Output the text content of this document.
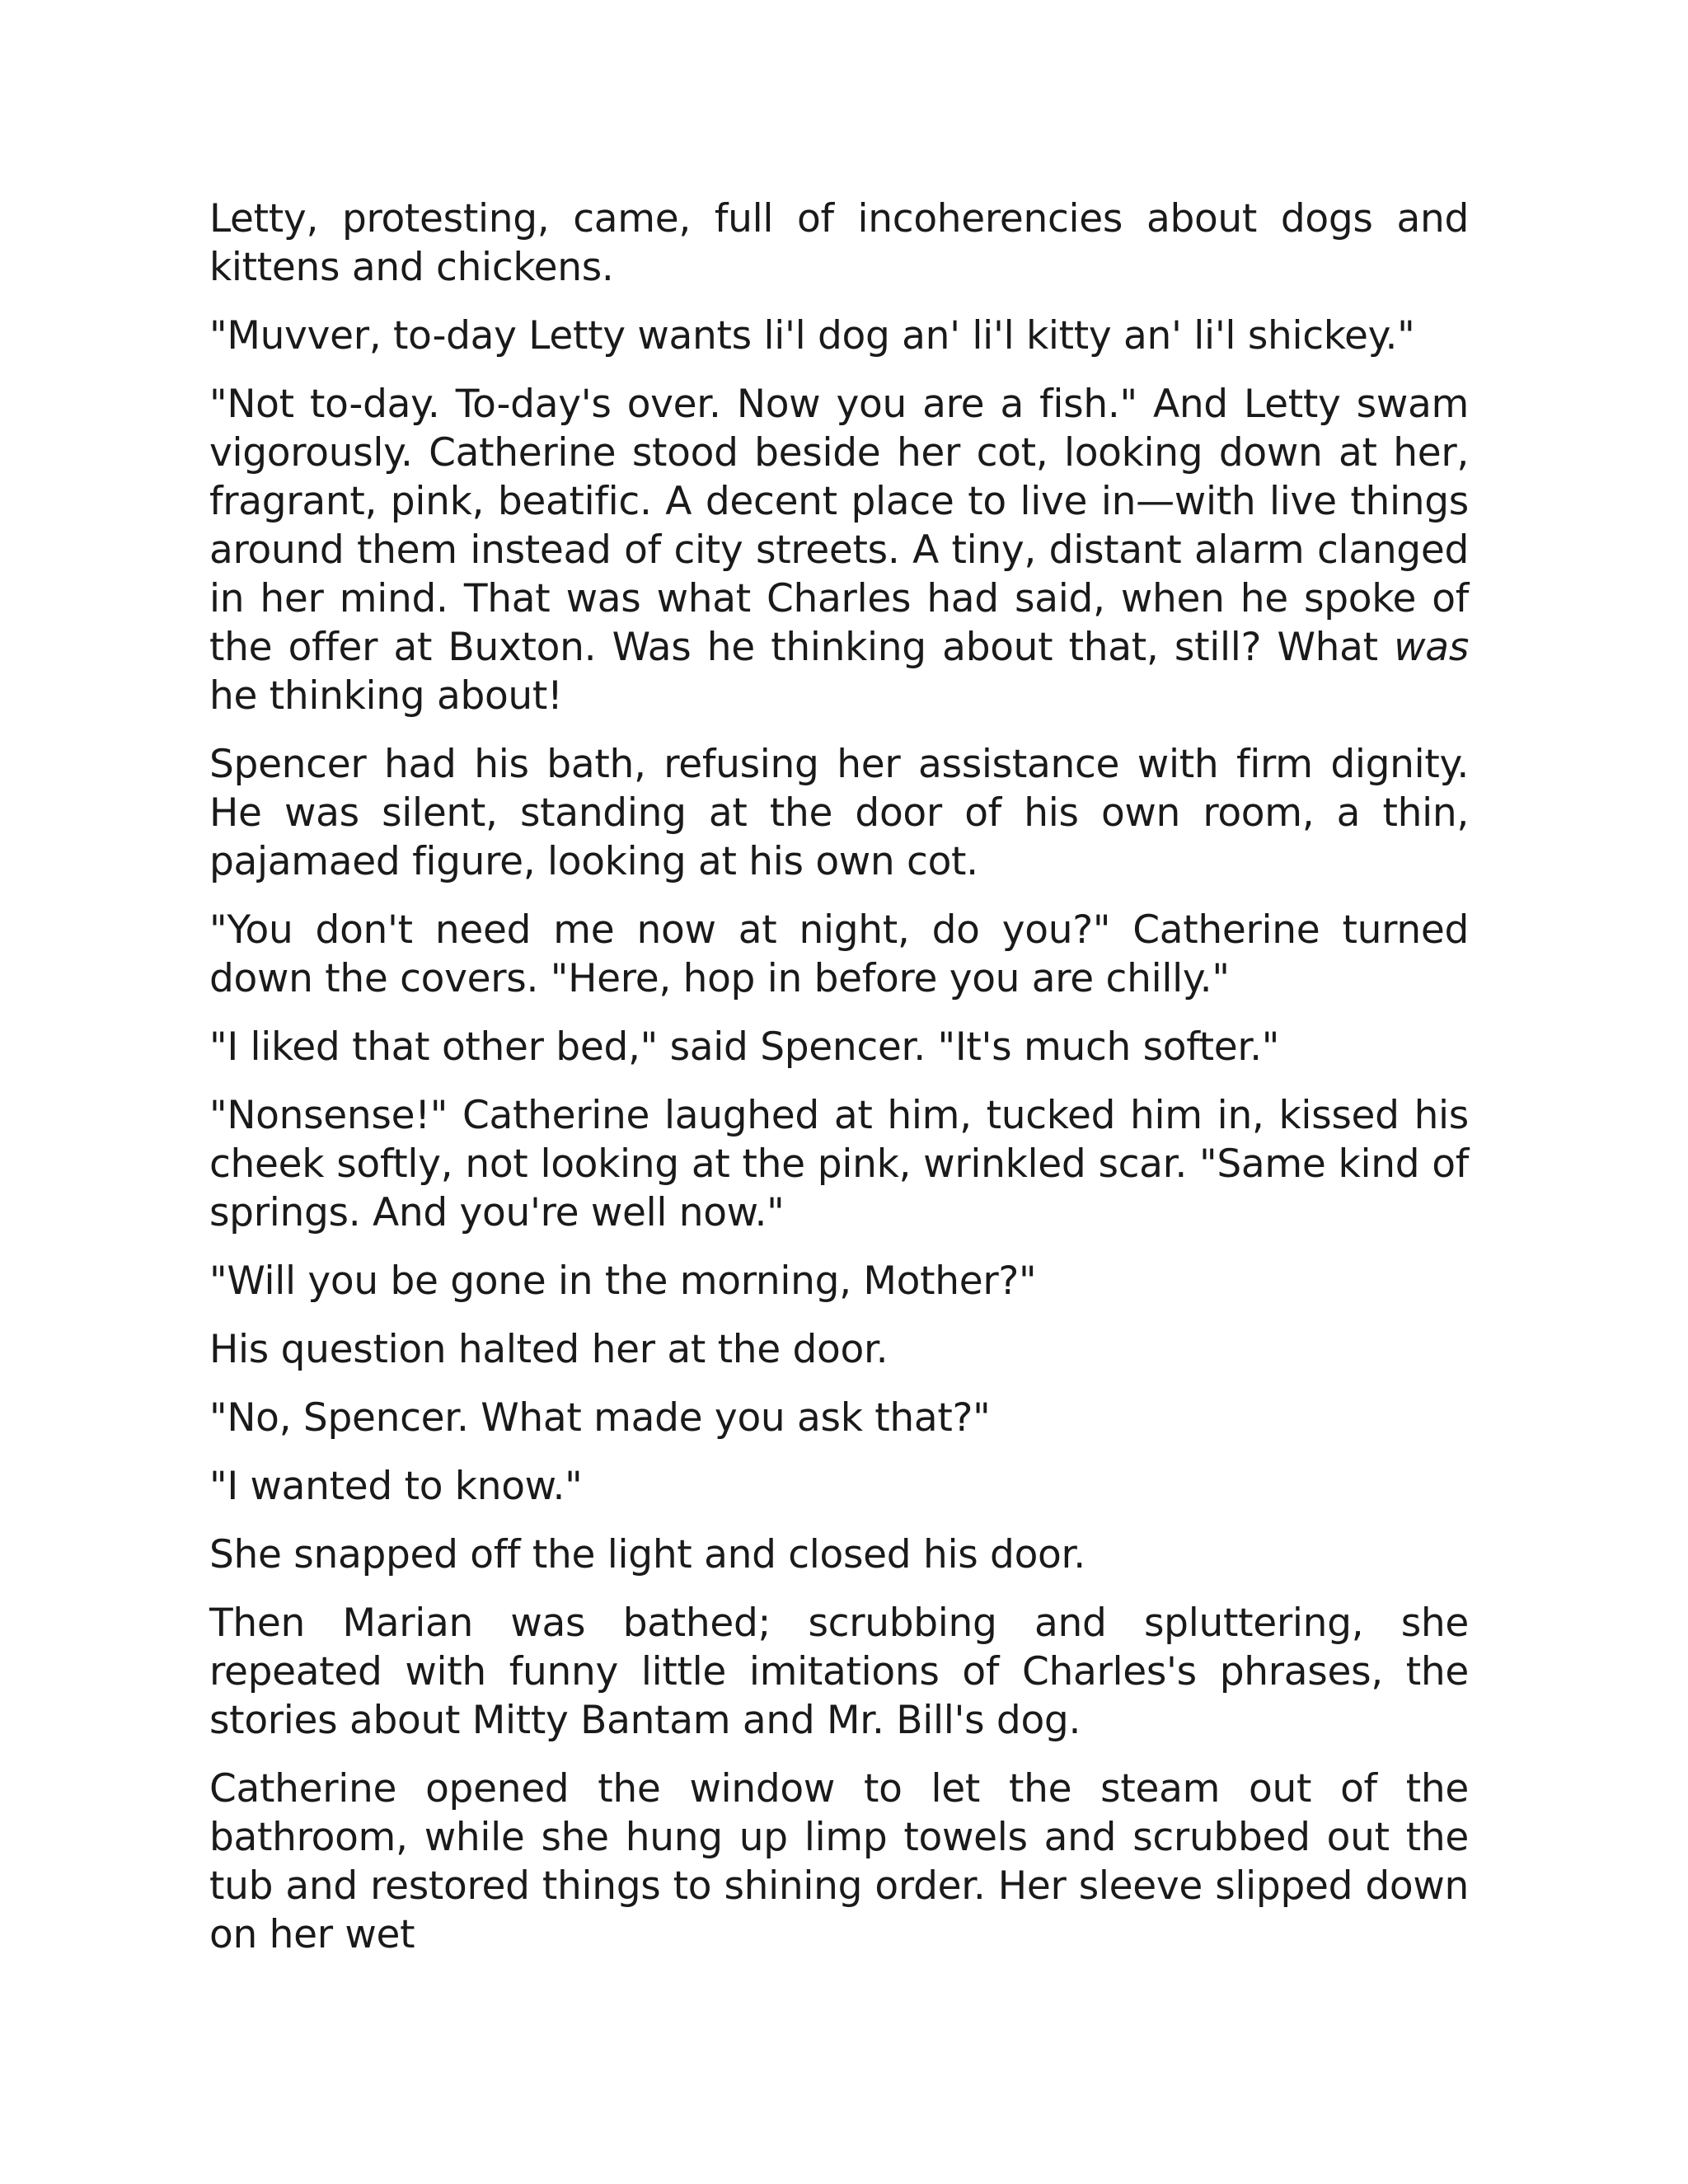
Letty, protesting, came, full of incoherencies about dogs and kittens and chickens.

"Muvver, to-day Letty wants li'l dog an' li'l kitty an' li'l shickey."

"Not to-day. To-day's over. Now you are a fish." And Letty swam vigorously. Catherine stood beside her cot, looking down at her, fragrant, pink, beatific. A decent place to live in—with live things around them instead of city streets. A tiny, distant alarm clanged in her mind. That was what Charles had said, when he spoke of the offer at Buxton. Was he thinking about that, still? What was he thinking about!

Spencer had his bath, refusing her assistance with firm dignity. He was silent, standing at the door of his own room, a thin, pajamaed figure, looking at his own cot.

"You don't need me now at night, do you?" Catherine turned down the covers. "Here, hop in before you are chilly."

"I liked that other bed," said Spencer. "It's much softer."

"Nonsense!" Catherine laughed at him, tucked him in, kissed his cheek softly, not looking at the pink, wrinkled scar. "Same kind of springs. And you're well now."

"Will you be gone in the morning, Mother?"

His question halted her at the door.

"No, Spencer. What made you ask that?"

"I wanted to know."

She snapped off the light and closed his door.

Then Marian was bathed; scrubbing and spluttering, she repeated with funny little imitations of Charles's phrases, the stories about Mitty Bantam and Mr. Bill's dog.

Catherine opened the window to let the steam out of the bathroom, while she hung up limp towels and scrubbed out the tub and restored things to shining order. Her sleeve slipped down on her wet
